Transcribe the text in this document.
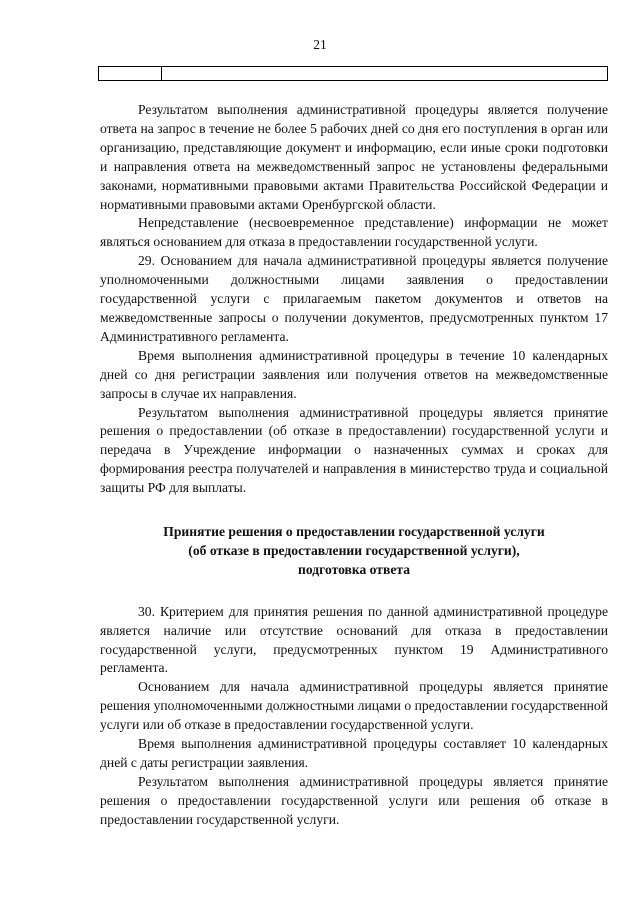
21

Результатом выполнения административной процедуры является получение ответа на запрос в течение не более 5 рабочих дней со дня его поступления в орган или организацию, представляющие документ и информацию, если иные сроки подготовки и направления ответа на межведомственный запрос не установлены федеральными законами, нормативными правовыми актами Правительства Российской Федерации и нормативными правовыми актами Оренбургской области.

Непредставление (несвоевременное представление) информации не может являться основанием для отказа в предоставлении государственной услуги.

29. Основанием для начала административной процедуры является получение уполномоченными должностными лицами заявления о предоставлении государственной услуги с прилагаемым пакетом документов и ответов на межведомственные запросы о получении документов, предусмотренных пунктом 17 Административного регламента.

Время выполнения административной процедуры в течение 10 календарных дней со дня регистрации заявления или получения ответов на межведомственные запросы в случае их направления.

Результатом выполнения административной процедуры является принятие решения о предоставлении (об отказе в предоставлении) государственной услуги и передача в Учреждение информации о назначенных суммах и сроках для формирования реестра получателей и направления в министерство труда и социальной защиты РФ для выплаты.

Принятие решения о предоставлении государственной услуги
(об отказе в предоставлении государственной услуги),
подготовка ответа

30. Критерием для принятия решения по данной административной процедуре является наличие или отсутствие оснований для отказа в предоставлении государственной услуги, предусмотренных пунктом 19 Административного регламента.

Основанием для начала административной процедуры является принятие решения уполномоченными должностными лицами о предоставлении государственной услуги или об отказе в предоставлении государственной услуги.

Время выполнения административной процедуры составляет 10 календарных дней с даты регистрации заявления.

Результатом выполнения административной процедуры является принятие решения о предоставлении государственной услуги или решения об отказе в предоставлении государственной услуги.
